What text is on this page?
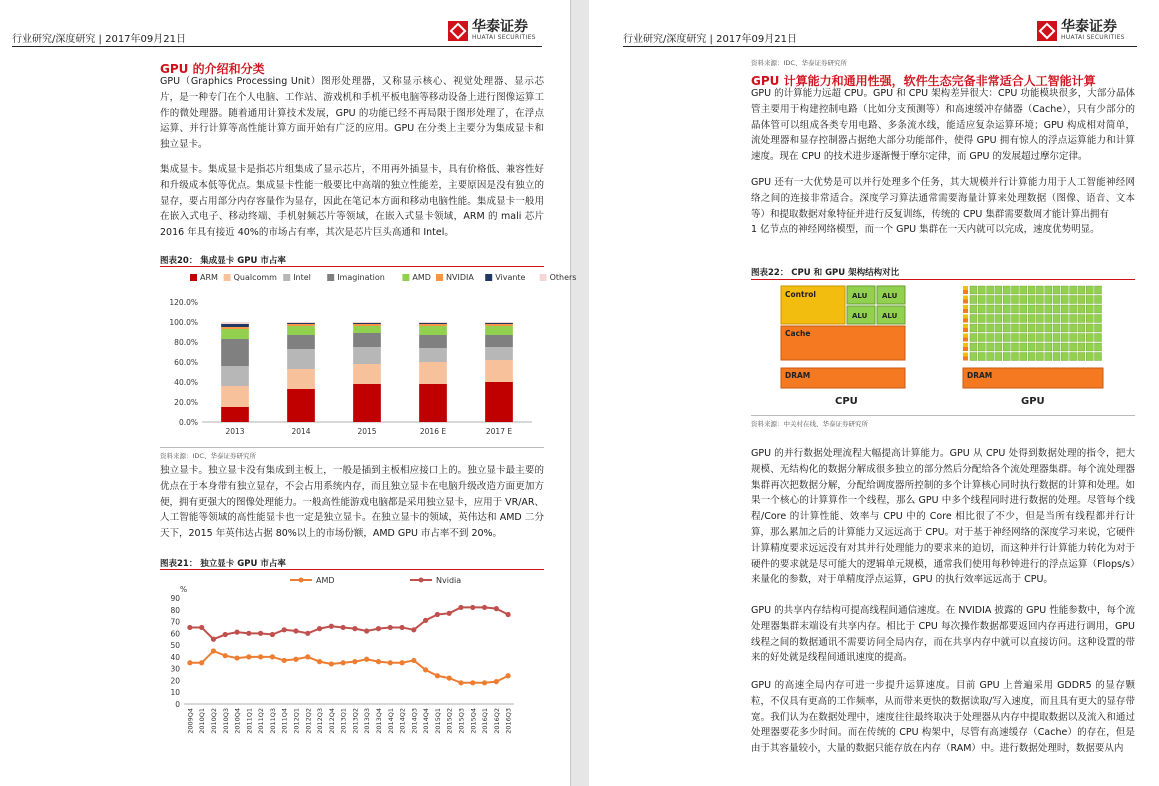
行业研究/深度研究 | 2017年09月21日
华泰证券
HUATAI SECURITIES
GPU 的介绍和分类

GPU（Graphics Processing Unit）图形处理器，又称显示核心、视觉处理器、显示芯片，是一种专门在个人电脑、工作站、游戏机和手机平板电脑等移动设备上进行图像运算工作的微处理器。随着通用计算技术发展，GPU 的功能已经不再局限于图形处理了，在浮点运算、并行计算等高性能计算方面开始有广泛的应用。GPU 在分类上主要分为集成显卡和独立显卡。

集成显卡。集成显卡是指芯片组集成了显示芯片，不用再外插显卡，具有价格低、兼容性好和升级成本低等优点。集成显卡性能一般要比中高端的独立性能差，主要原因是没有独立的显存，要占用部分内存容量作为显存，因此在笔记本方面和移动电脑性能。集成显卡一般用在嵌入式电子、移动终端、手机射频芯片等领域，在嵌入式显卡领域，ARM 的 mali 芯片 2016 年具有接近 40%的市场占有率，其次是芯片巨头高通和 Intel。

图表20： 集成显卡 GPU 市占率
ARM Qualcomm Intel	Imagination	AMD NVIDIA	Vivante	Others
0.0%
20.0%
40.0%
60.0%
80.0%
100.0%
120.0%
2013	2014	2015	2016 E	2017 E
资料来源：IDC、华泰证券研究所

独立显卡。独立显卡没有集成到主板上，一般是插到主板相应接口上的。独立显卡最主要的优点在于本身带有独立显存，不会占用系统内存，而且独立显卡在电脑升级改造方面更加方便，拥有更强大的图像处理能力。一般高性能游戏电脑都是采用独立显卡，应用于 VR/AR、人工智能等领域的高性能显卡也一定是独立显卡。在独立显卡的领域，英伟达和 AMD 二分天下，2015 年英伟达占据 80%以上的市场份额，AMD GPU 市占率不到 20%。

图表21： 独立显卡 GPU 市占率
AMD	Nvidia
%
0
10
20
30
40
50
60
70
80
90
2009Q4 2010Q1 2010Q2 2010Q3 2010Q4 2011Q1 2011Q2 2011Q3 2011Q4 2012Q1 2012Q2 2012Q3 2012Q4 2013Q1 2013Q2 2013Q3 2013Q4 2014Q1 2014Q2 2014Q3 2014Q4 2015Q1 2015Q2 2015Q3 2015Q4 2016Q1 2016Q2 2016Q3
行业研究/深度研究 | 2017年09月21日
华泰证券
HUATAI SECURITIES
资料来源：IDC、华泰证券研究所
GPU 计算能力和通用性强，软件生态完备非常适合人工智能计算

GPU 的计算能力远超 CPU。GPU 和 CPU 架构差异很大：CPU 功能模块很多，大部分晶体管主要用于构建控制电路（比如分支预测等）和高速缓冲存储器（Cache），只有少部分的晶体管可以组成各类专用电路、多条流水线，能适应复杂运算环境；GPU 构成相对简单，流处理器和显存控制器占据绝大部分功能部件，使得 GPU 拥有惊人的浮点运算能力和计算速度。现在 CPU 的技术进步逐渐慢于摩尔定律，而 GPU 的发展超过摩尔定律。

GPU 还有一大优势是可以并行处理多个任务，其大规模并行计算能力用于人工智能神经网络之间的连接非常适合。深度学习算法通常需要海量计算来处理数据（图像、语音、文本等）和提取数据对象特征并进行反复训练，传统的 CPU 集群需要数周才能计算出拥有

1 亿节点的神经网络模型，而一个 GPU 集群在一天内就可以完成，速度优势明显。

图表22： CPU 和 GPU 架构结构对比
Control	ALU ALU
ALU ALU
Cache
DRAM
CPU
DRAM
GPU
资料来源：中关村在线、华泰证券研究所

GPU 的并行数据处理流程大幅提高计算能力。GPU 从 CPU 处得到数据处理的指令，把大规模、无结构化的数据分解成很多独立的部分然后分配给各个流处理器集群。每个流处理器集群再次把数据分解，分配给调度器所控制的多个计算核心同时执行数据的计算和处理。如果一个核心的计算算作一个线程，那么 GPU 中多个线程同时进行数据的处理。尽管每个线程/Core 的计算性能、效率与 CPU 中的 Core 相比很了不少，但是当所有线程都并行计算，那么累加之后的计算能力又远远高于 CPU。对于基于神经网络的深度学习来说，它硬件计算精度要求远远没有对其并行处理能力的要求来的迫切，而这种并行计算能力转化为对于硬件的要求就是尽可能大的逻辑单元规模，通常我们使用每秒钟进行的浮点运算（Flops/s）来量化的参数，对于单精度浮点运算，GPU 的执行效率远远高于 CPU。

GPU 的共享内存结构可提高线程间通信速度。在 NVIDIA 披露的 GPU 性能参数中，每个流处理器集群末端设有共享内存。相比于 CPU 每次操作数据都要返回内存再进行调用，GPU 线程之间的数据通讯不需要访问全局内存，而在共享内存中就可以直接访问。这种设置的带来的好处就是线程间通讯速度的提高。

GPU 的高速全局内存可进一步提升运算速度。目前 GPU 上普遍采用 GDDR5 的显存颗粒，不仅具有更高的工作频率，从而带来更快的数据读取/写入速度，而且具有更大的显存带宽。我们认为在数据处理中，速度往往最终取决于处理器从内存中提取数据以及流入和通过处理器要花多少时间。而在传统的 CPU 构架中，尽管有高速缓存（Cache）的存在，但是由于其容量较小，大量的数据只能存放在内存（RAM）中。进行数据处理时，数据要从内
